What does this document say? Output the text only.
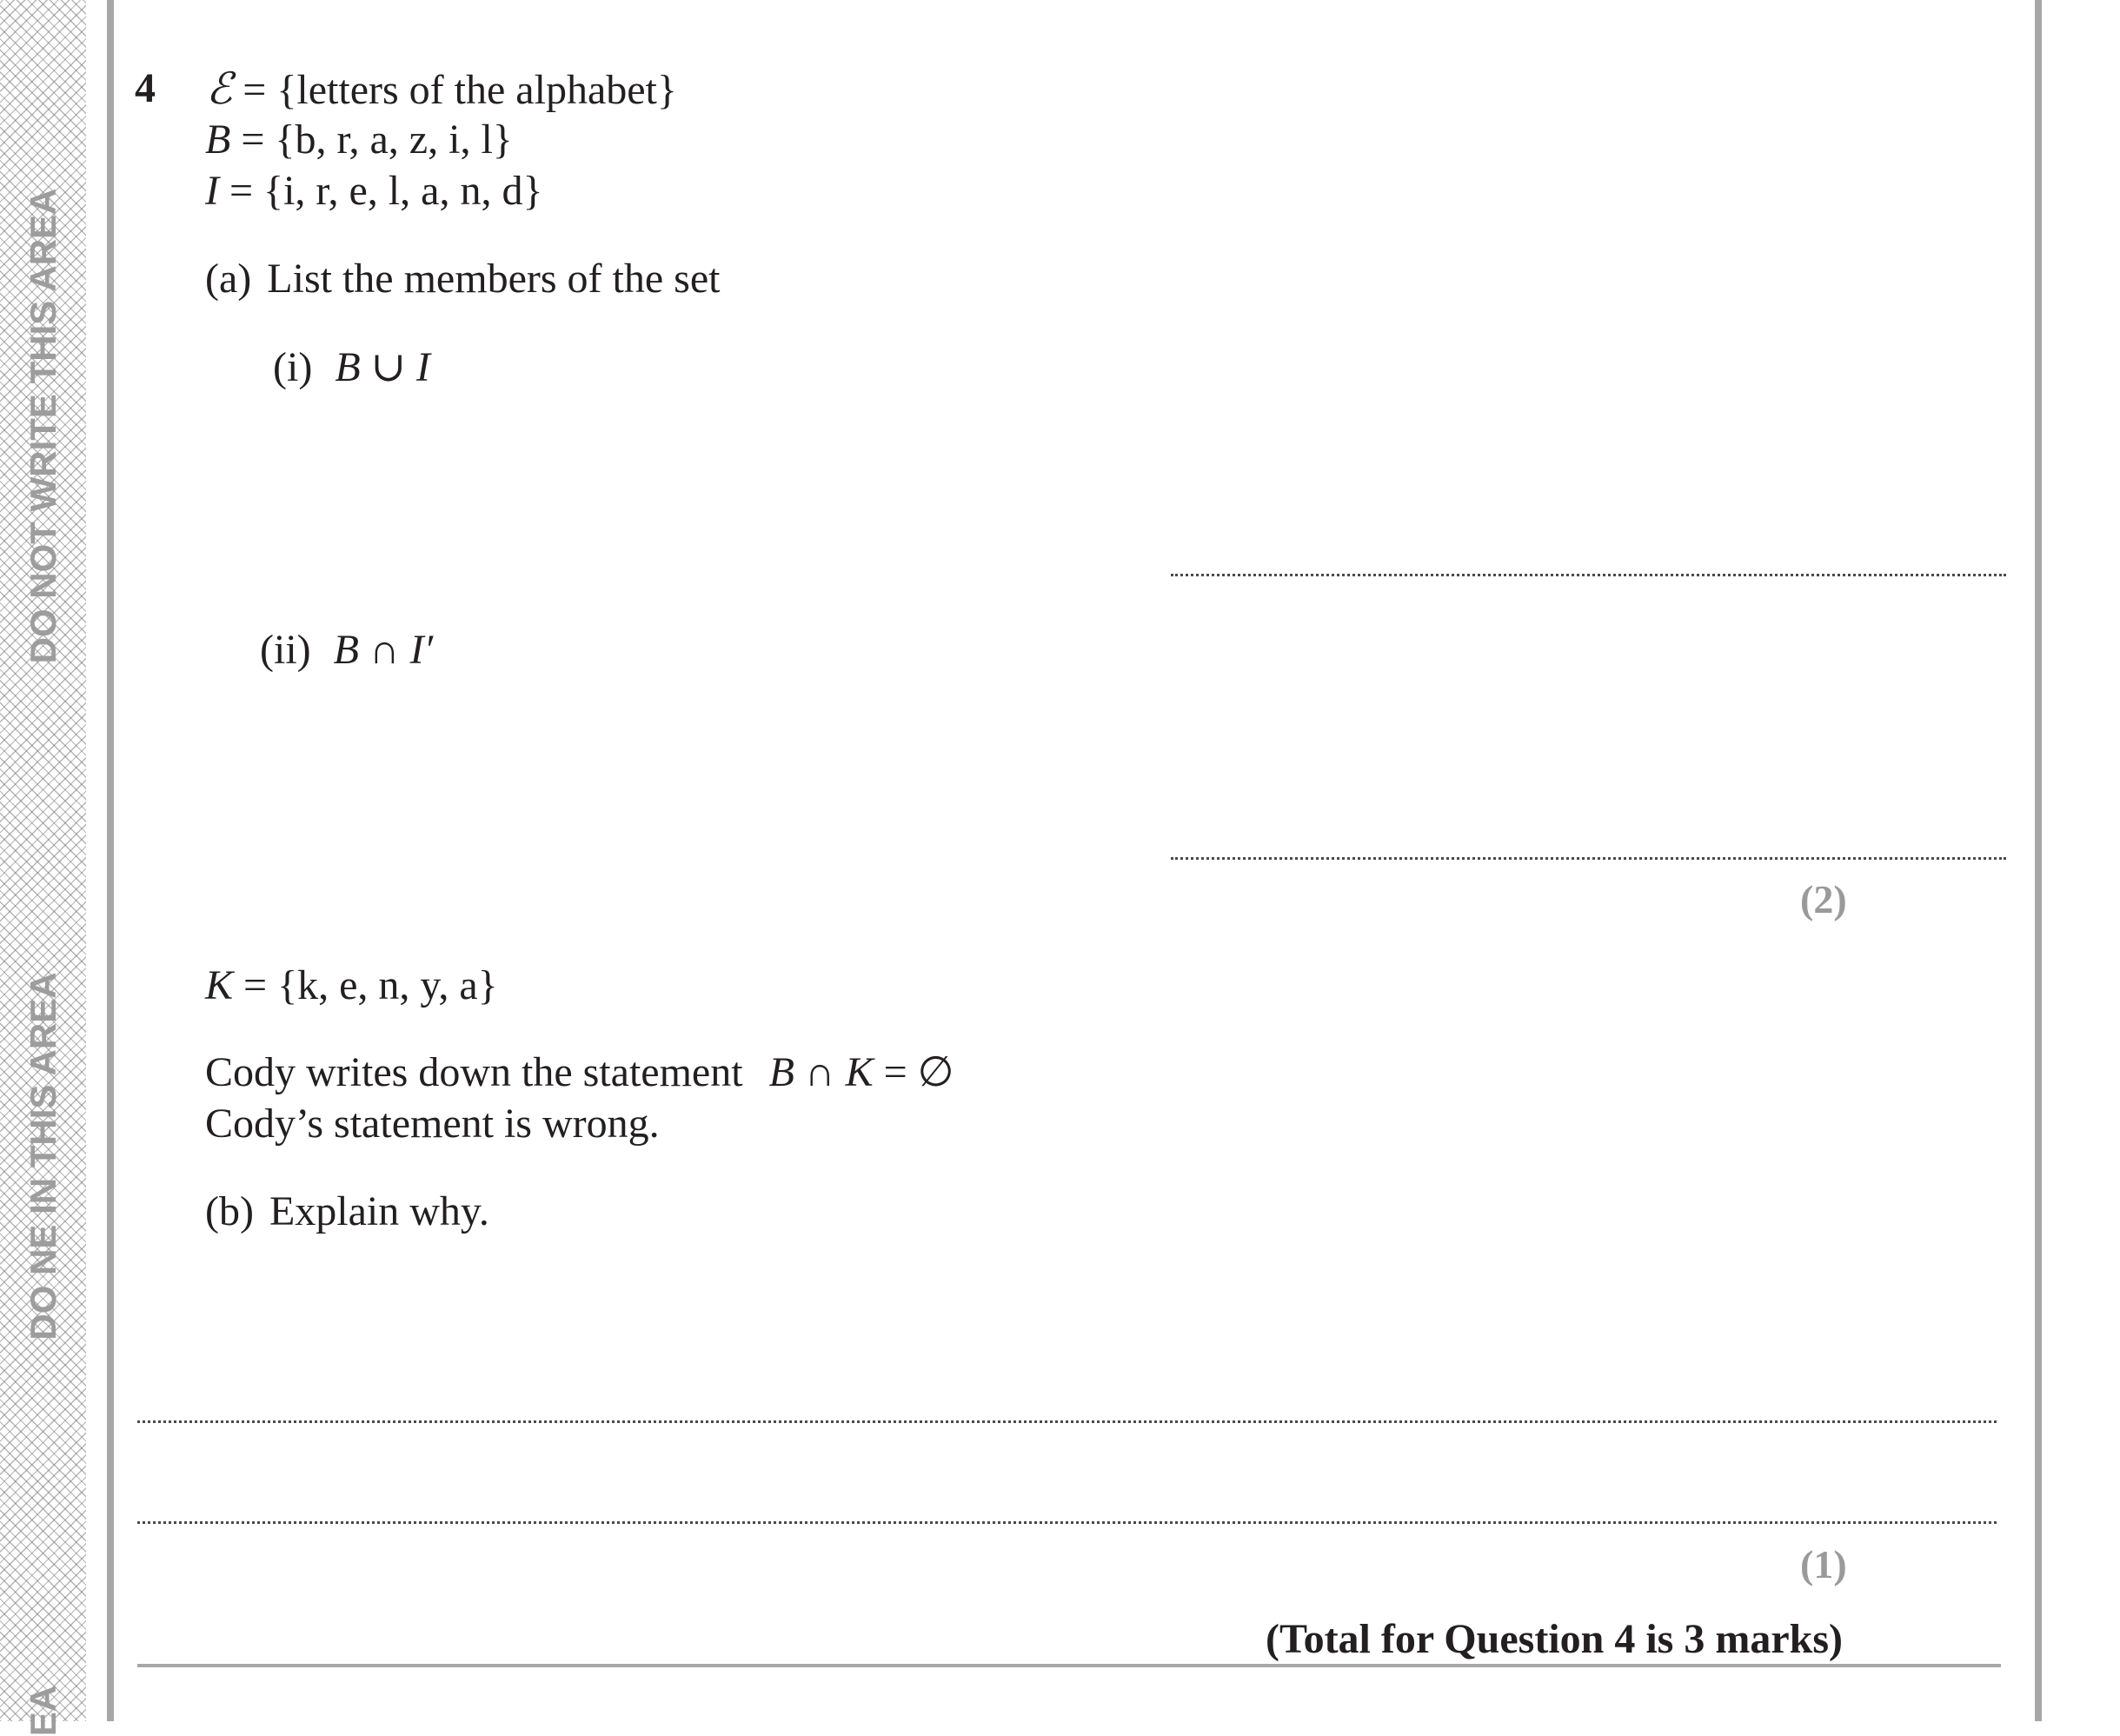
DO NOT WRITE THIS AREA
DO NE IN THIS AREA
EA
4 ℰ = {letters of the alphabet}
B = {b, r, a, z, i, l}
I = {i, r, e, l, a, n, d}
(a) List the members of the set
(i) B ∪ I
(ii) B ∩ I′
(2)
K = {k, e, n, y, a}
Cody writes down the statement B ∩ K = ∅
Cody’s statement is wrong.
(b) Explain why.
(1)
(Total for Question 4 is 3 marks)
